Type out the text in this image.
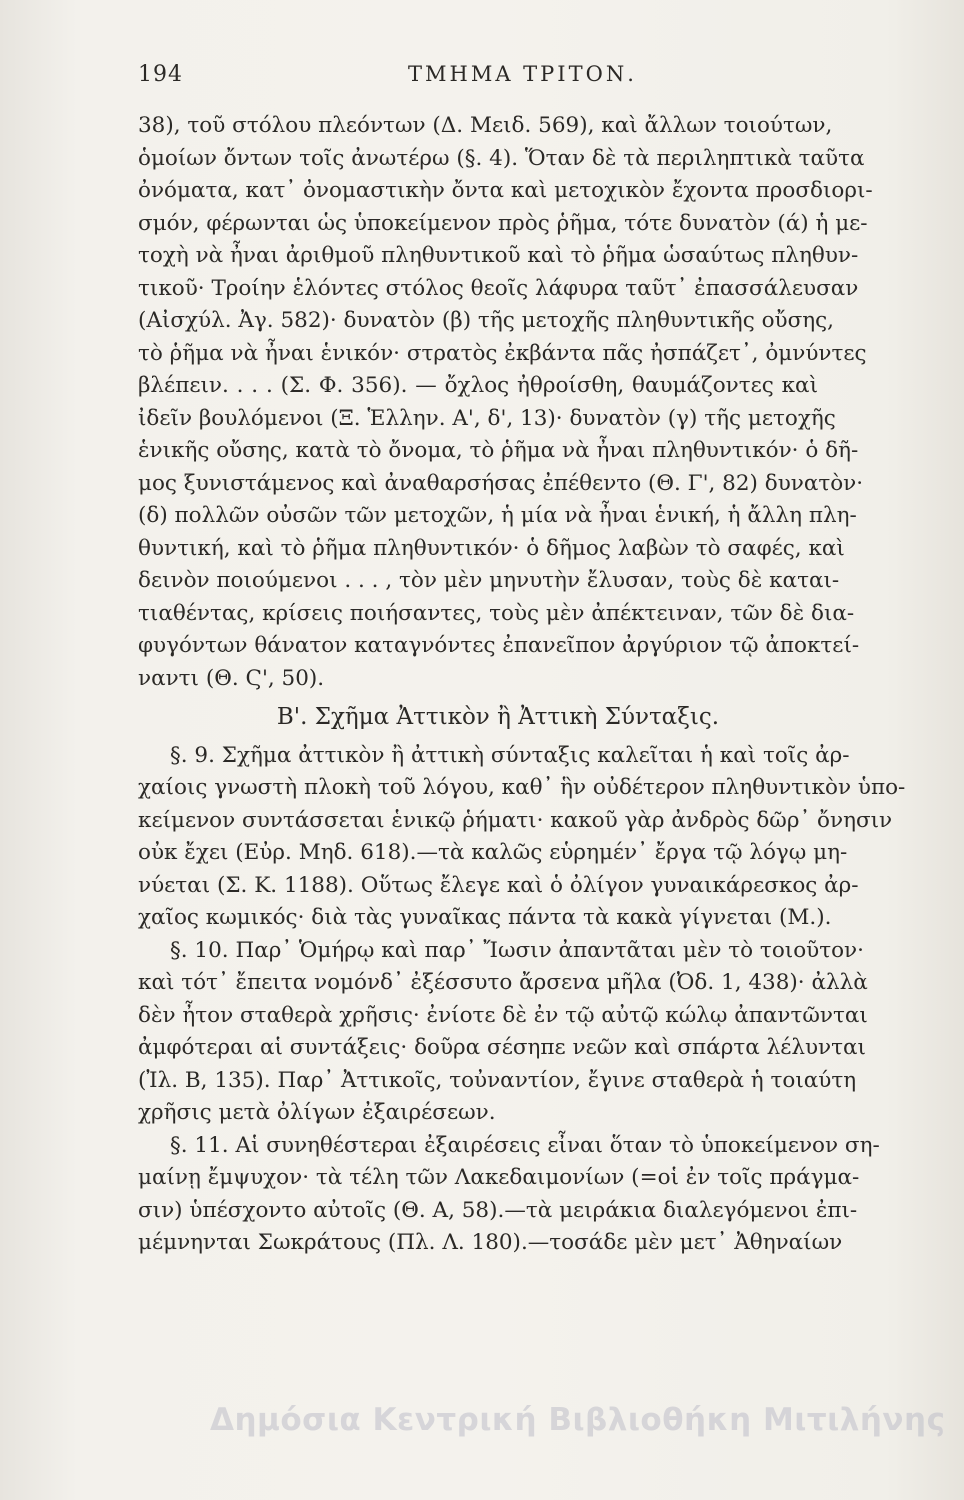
194	ΤΜΗΜΑ ΤΡΙΤΟΝ.
38), τοῦ στόλου πλεόντων (Δ. Μειδ. 569), καὶ ἄλλων τοιούτων,
ὁμοίων ὄντων τοῖς ἀνωτέρω (§. 4). Ὅταν δὲ τὰ περιληπτικὰ ταῦτα
ὀνόματα, κατ᾽ ὀνομαστικὴν ὄντα καὶ μετοχικὸν ἔχοντα προσδιορι-
σμόν, φέρωνται ὡς ὑποκείμενον πρὸς ῥῆμα, τότε δυνατὸν (ά) ἡ με-
τοχὴ νὰ ἦναι ἀριθμοῦ πληθυντικοῦ καὶ τὸ ῥῆμα ὡσαύτως πληθυν-
τικοῦ· Τροίην ἑλόντες στόλος θεοῖς λάφυρα ταῦτ᾽ ἐπασσάλευσαν
(Αἰσχύλ. Ἀγ. 582)· δυνατὸν (β) τῆς μετοχῆς πληθυντικῆς οὔσης,
τὸ ῥῆμα νὰ ἦναι ἑνικόν· στρατὸς ἐκβάντα πᾶς ἠσπάζετ᾽, ὀμνύντες
βλέπειν. . . . (Σ. Φ. 356). — ὄχλος ἠθροίσθη, θαυμάζοντες καὶ
ἰδεῖν βουλόμενοι (Ξ. Ἑλλην. Α', δ', 13)· δυνατὸν (γ) τῆς μετοχῆς
ἑνικῆς οὔσης, κατὰ τὸ ὄνομα, τὸ ῥῆμα νὰ ἦναι πληθυντικόν· ὁ δῆ-
μος ξυνιστάμενος καὶ ἀναθαρσήσας ἐπέθεντο (Θ. Γ', 82) δυνατὸν·
(δ) πολλῶν οὐσῶν τῶν μετοχῶν, ἡ μία νὰ ἦναι ἑνική, ἡ ἄλλη πλη-
θυντική, καὶ τὸ ῥῆμα πληθυντικόν· ὁ δῆμος λαβὼν τὸ σαφές, καὶ
δεινὸν ποιούμενοι . . . , τὸν μὲν μηνυτὴν ἔλυσαν, τοὺς δὲ καται-
τιαθέντας, κρίσεις ποιήσαντες, τοὺς μὲν ἀπέκτειναν, τῶν δὲ δια-
φυγόντων θάνατον καταγνόντες ἐπανεῖπον ἀργύριον τῷ ἀποκτεί-
ναντι (Θ. Ϛ', 50).
Β'. Σχῆμα Ἀττικὸν ἢ Ἀττικὴ Σύνταξις.
§. 9. Σχῆμα ἀττικὸν ἢ ἀττικὴ σύνταξις καλεῖται ἡ καὶ τοῖς ἀρ-
χαίοις γνωστὴ πλοκὴ τοῦ λόγου, καθ᾽ ἣν οὐδέτερον πληθυντικὸν ὑπο-
κείμενον συντάσσεται ἑνικῷ ῥήματι· κακοῦ γὰρ ἀνδρὸς δῶρ᾽ ὄνησιν
οὐκ ἔχει (Εὐρ. Μηδ. 618).—τὰ καλῶς εὑρημέν᾽ ἔργα τῷ λόγῳ μη-
νύεται (Σ. Κ. 1188). Οὕτως ἔλεγε καὶ ὁ ὀλίγον γυναικάρεσκος ἀρ-
χαῖος κωμικός· διὰ τὰς γυναῖκας πάντα τὰ κακὰ γίγνεται (Μ.).
§. 10. Παρ᾽ Ὁμήρῳ καὶ παρ᾽ Ἴωσιν ἀπαντᾶται μὲν τὸ τοιοῦτον·
καὶ τότ᾽ ἔπειτα νομόνδ᾽ ἐξέσσυτο ἄρσενα μῆλα (Ὀδ. 1, 438)· ἀλλὰ
δὲν ἦτον σταθερὰ χρῆσις· ἐνίοτε δὲ ἐν τῷ αὐτῷ κώλῳ ἀπαντῶνται
ἀμφότεραι αἱ συντάξεις· δοῦρα σέσηπε νεῶν καὶ σπάρτα λέλυνται
(Ἰλ. Β, 135). Παρ᾽ Ἀττικοῖς, τοὐναντίον, ἔγινε σταθερὰ ἡ τοιαύτη
χρῆσις μετὰ ὀλίγων ἐξαιρέσεων.
§. 11. Αἱ συνηθέστεραι ἐξαιρέσεις εἶναι ὅταν τὸ ὑποκείμενον ση-
μαίνῃ ἔμψυχον· τὰ τέλη τῶν Λακεδαιμονίων (=οἱ ἐν τοῖς πράγμα-
σιν) ὑπέσχοντο αὐτοῖς (Θ. Α, 58).—τὰ μειράκια διαλεγόμενοι ἐπι-
μέμνηνται Σωκράτους (Πλ. Λ. 180).—τοσάδε μὲν μετ᾽ Ἀθηναίων
Δημόσια Κεντρική Βιβλιοθήκη Μιτιλήνης
